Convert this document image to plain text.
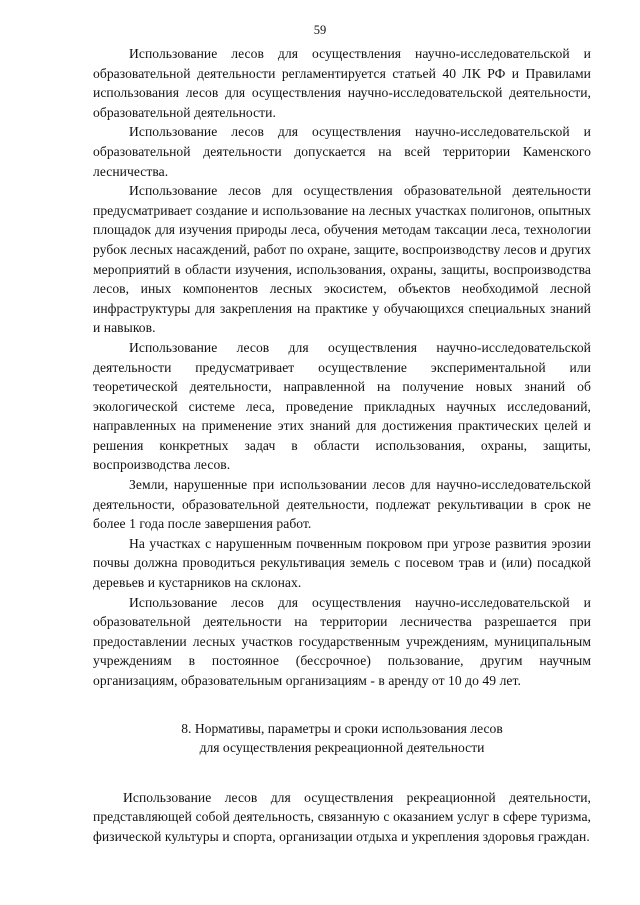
59

Использование лесов для осуществления научно-исследовательской и образовательной деятельности регламентируется статьей 40 ЛК РФ и Правилами использования лесов для осуществления научно-исследовательской деятельности, образовательной деятельности.

Использование лесов для осуществления научно-исследовательской и образовательной деятельности допускается на всей территории Каменского лесничества.

Использование лесов для осуществления образовательной деятельности предусматривает создание и использование на лесных участках полигонов, опытных площадок для изучения природы леса, обучения методам таксации леса, технологии рубок лесных насаждений, работ по охране, защите, воспроизводству лесов и других мероприятий в области изучения, использования, охраны, защиты, воспроизводства лесов, иных компонентов лесных экосистем, объектов необходимой лесной инфраструктуры для закрепления на практике у обучающихся специальных знаний и навыков.

Использование лесов для осуществления научно-исследовательской деятельности предусматривает осуществление экспериментальной или теоретической деятельности, направленной на получение новых знаний об экологической системе леса, проведение прикладных научных исследований, направленных на применение этих знаний для достижения практических целей и решения конкретных задач в области использования, охраны, защиты, воспроизводства лесов.

Земли, нарушенные при использовании лесов для научно-исследовательской деятельности, образовательной деятельности, подлежат рекультивации в срок не более 1 года после завершения работ.

На участках с нарушенным почвенным покровом при угрозе развития эрозии почвы должна проводиться рекультивация земель с посевом трав и (или) посадкой деревьев и кустарников на склонах.

Использование лесов для осуществления научно-исследовательской и образовательной деятельности на территории лесничества разрешается при предоставлении лесных участков государственным учреждениям, муниципальным учреждениям в постоянное (бессрочное) пользование, другим научным организациям, образовательным организациям - в аренду от 10 до 49 лет.

8. Нормативы, параметры и сроки использования лесов
для осуществления рекреационной деятельности

Использование лесов для осуществления рекреационной деятельности, представляющей собой деятельность, связанную с оказанием услуг в сфере туризма, физической культуры и спорта, организации отдыха и укрепления здоровья граждан.
